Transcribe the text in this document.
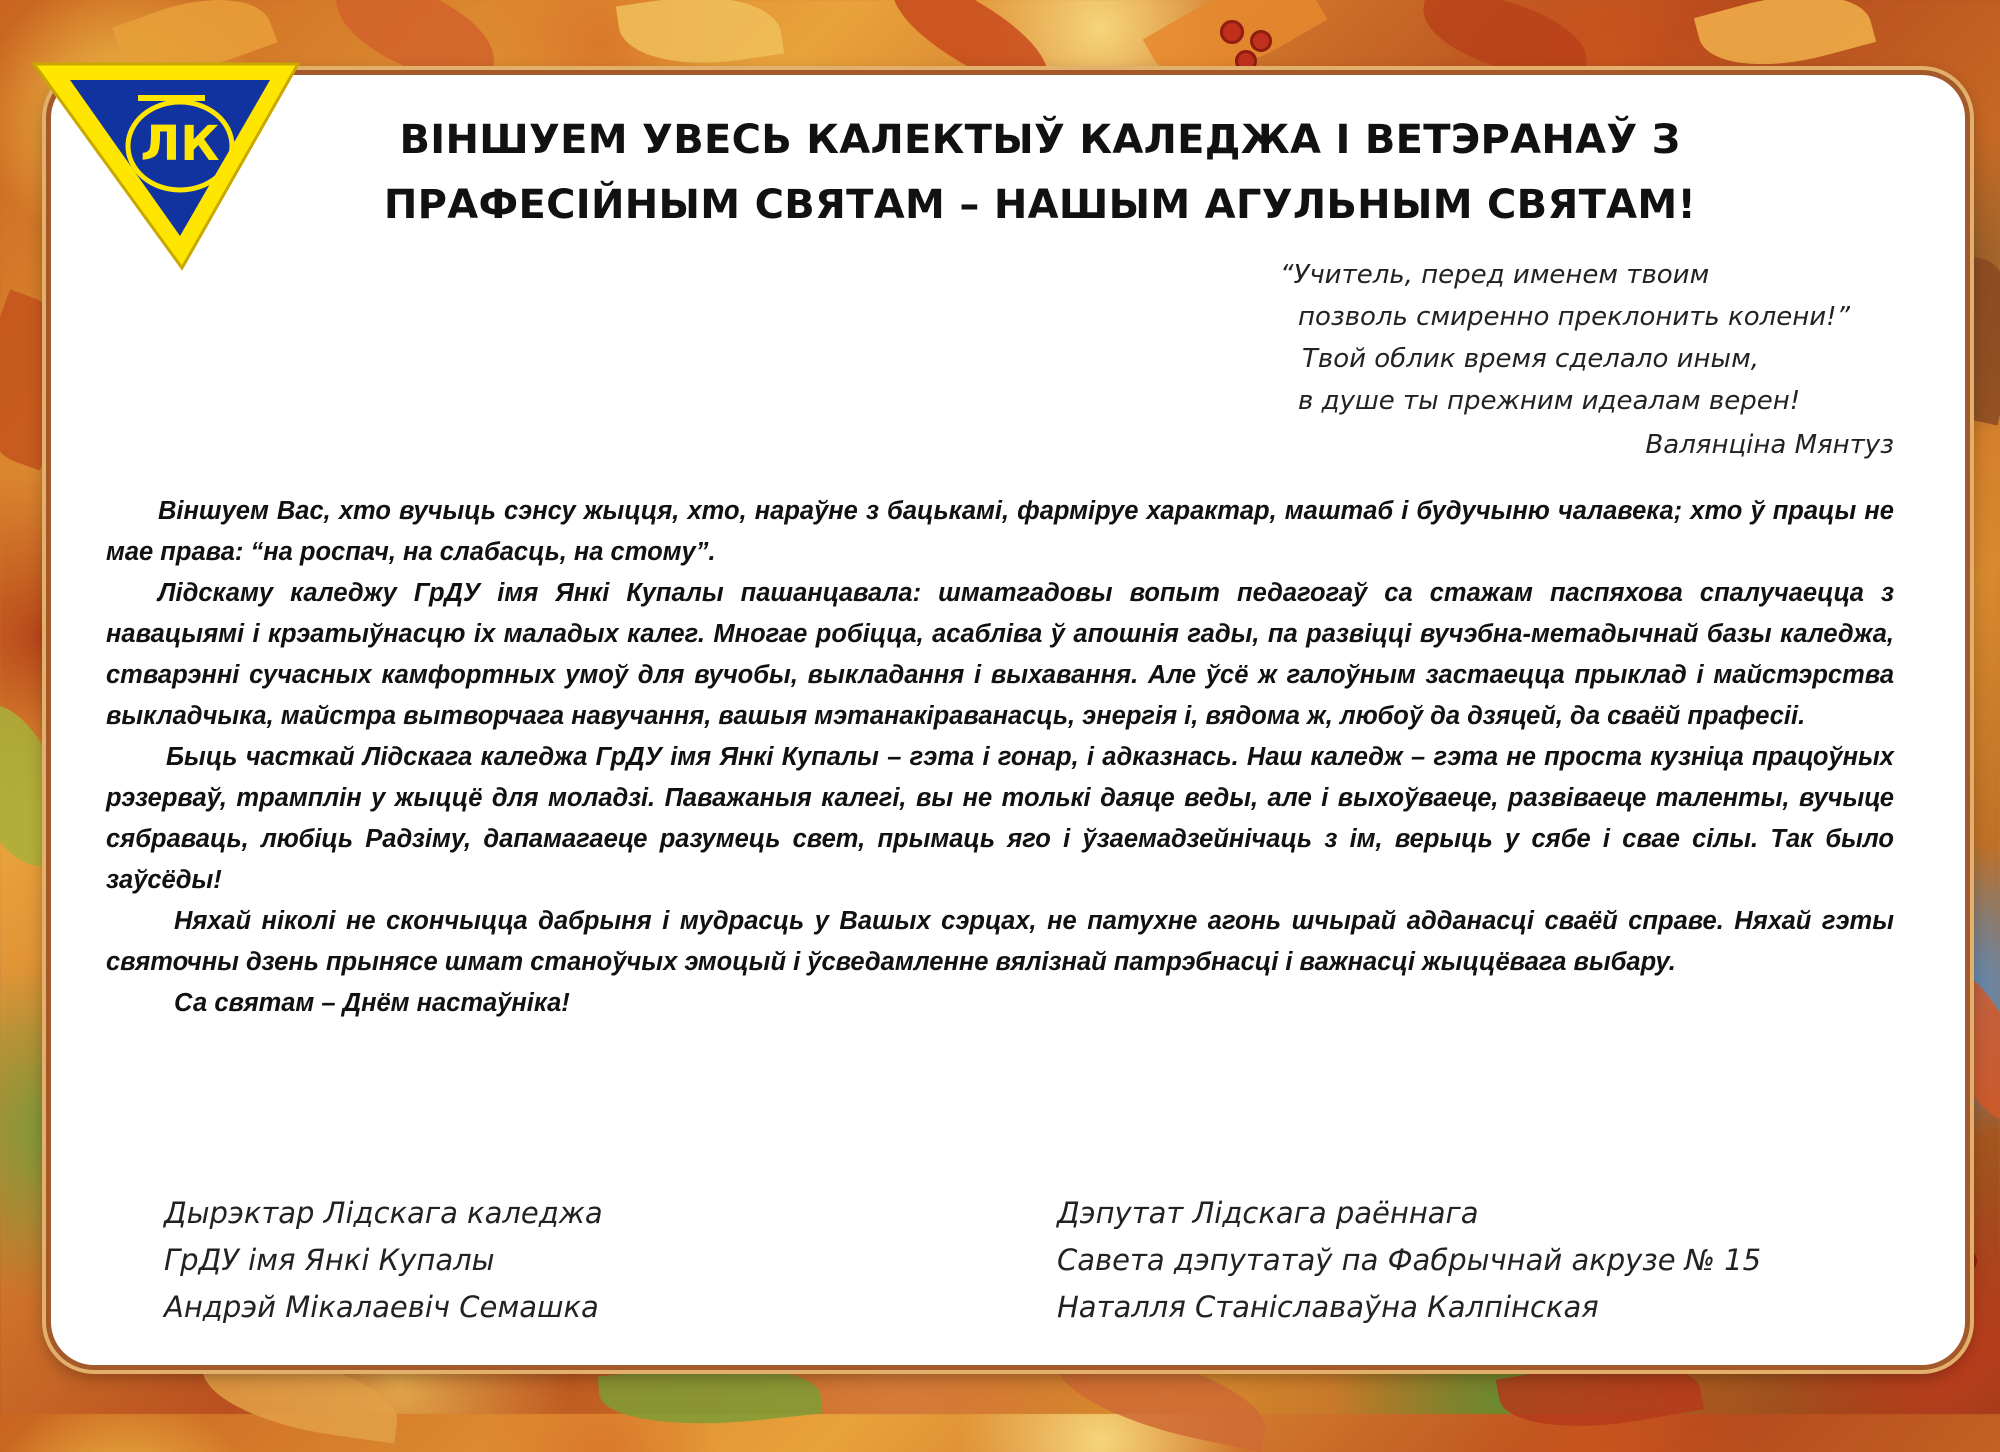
ЛК	ВІНШУЕМ УВЕСЬ КАЛЕКТЫЎ КАЛЕДЖА І ВЕТЭРАНАЎ З
ПРАФЕСІЙНЫМ СВЯТАМ – НАШЫМ АГУЛЬНЫМ СВЯТАМ!
“Учитель, перед именем твоим
позволь смиренно преклонить колени!”
Твой облик время сделало иным,
в душе ты прежним идеалам верен!
Валянціна Мянтуз

Віншуем Вас, хто вучыць сэнсу жыцця, хто, нараўне з бацькамі, фарміруе характар, маштаб і будучыню чалавека; хто ў працы не мае права: “на роспач, на слабасць, на стому”.

Лідскаму каледжу ГрДУ імя Янкі Купалы пашанцавала: шматгадовы вопыт педагогаў са стажам паспяхова спалучаецца з навацыямі і крэатыўнасцю іх маладых калег. Многае робіцца, асабліва ў апошнія гады, па развіцці вучэбна-метадычнай базы каледжа, стварэнні сучасных камфортных умоў для вучобы, выкладання і выхавання. Але ўсё ж галоўным застаецца прыклад і майстэрства выкладчыка, майстра вытворчага навучання, вашыя мэтанакіраванасць, энергія і, вядома ж, любоў да дзяцей, да сваёй прафесіі.

Быць часткай Лідскага каледжа ГрДУ імя Янкі Купалы – гэта і гонар, і адказнась. Наш каледж – гэта не проста кузніца працоўных рэзерваў, трамплін у жыццё для моладзі. Паважаныя калегі, вы не толькі даяце веды, але і выхоўваеце, развіваеце таленты, вучыце сябраваць, любіць Радзіму, дапамагаеце разумець свет, прымаць яго і ўзаемадзейнічаць з ім, верыць у сябе і свае сілы. Так было заўсёды!

Няхай ніколі не скончыцца дабрыня і мудрасць у Вашых сэрцах, не патухне агонь шчырай адданасці сваёй справе. Няхай гэты святочны дзень прынясе шмат станоўчых эмоцый і ўсведамленне вялізнай патрэбнасці і важнасці жыццёвага выбару.

Са святам – Днём настаўніка!

Дырэктар Лідскага каледжа
ГрДУ імя Янкі Купалы
Андрэй Мікалаевіч Семашка
Дэпутат Лідскага раённага
Савета дэпутатаў па Фабрычнай акрузе № 15
Наталля Станіславаўна Калпінская
